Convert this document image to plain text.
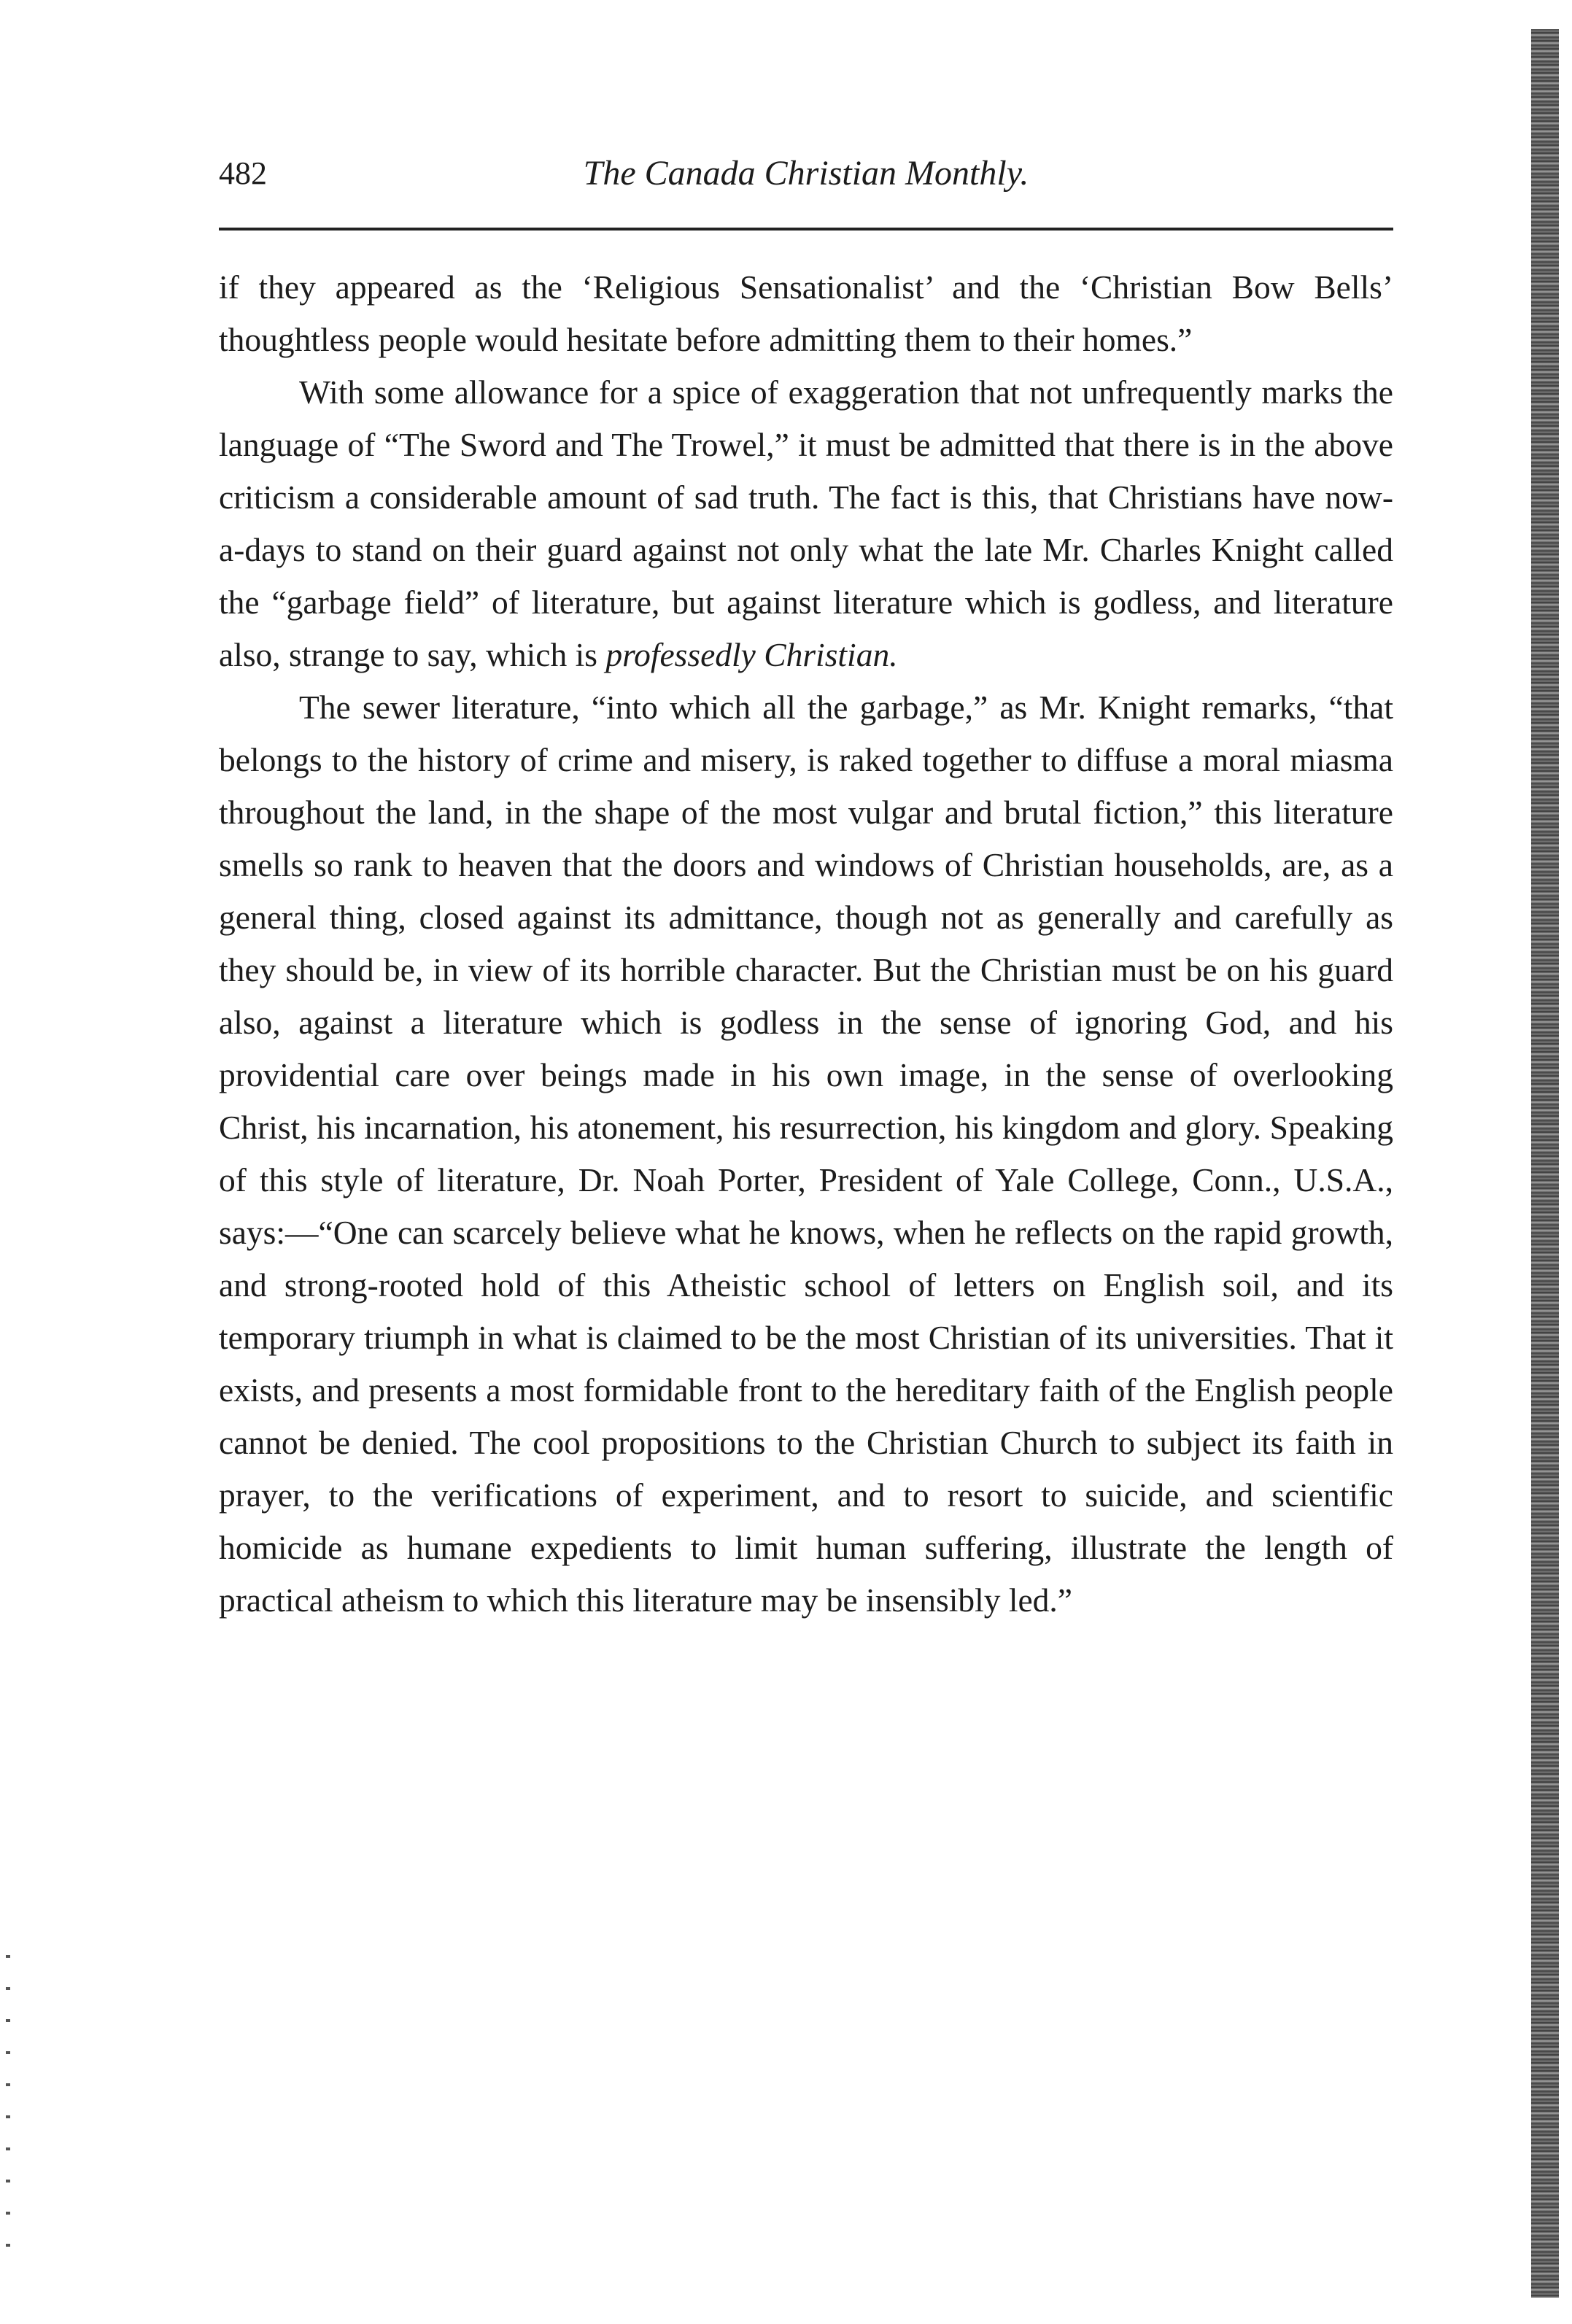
482	The Canada Christian Monthly.

if they appeared as the ‘Religious Sensationalist’ and the ‘Christian Bow Bells’ thoughtless people would hesitate before admitting them to their homes.”

With some allowance for a spice of exaggeration that not unfrequently marks the language of “The Sword and The Trowel,” it must be admitted that there is in the above criticism a considerable amount of sad truth. The fact is this, that Christians have now-a-days to stand on their guard against not only what the late Mr. Charles Knight called the “garbage field” of literature, but against literature which is godless, and literature also, strange to say, which is professedly Christian.

The sewer literature, “into which all the garbage,” as Mr. Knight remarks, “that belongs to the history of crime and misery, is raked together to diffuse a moral miasma throughout the land, in the shape of the most vulgar and brutal fiction,” this literature smells so rank to heaven that the doors and windows of Christian households, are, as a general thing, closed against its admittance, though not as generally and carefully as they should be, in view of its horrible character. But the Christian must be on his guard also, against a literature which is godless in the sense of ignoring God, and his providential care over beings made in his own image, in the sense of overlooking Christ, his incarnation, his atonement, his resurrection, his kingdom and glory. Speaking of this style of literature, Dr. Noah Porter, President of Yale College, Conn., U.S.A., says:—“One can scarcely believe what he knows, when he reflects on the rapid growth, and strong-rooted hold of this Atheistic school of letters on English soil, and its temporary triumph in what is claimed to be the most Christian of its universities. That it exists, and presents a most formidable front to the hereditary faith of the English people cannot be denied. The cool propositions to the Christian Church to subject its faith in prayer, to the verifications of experiment, and to resort to suicide, and scientific homicide as humane expedients to limit human suffering, illustrate the length of practical atheism to which this literature may be insensibly led.”
